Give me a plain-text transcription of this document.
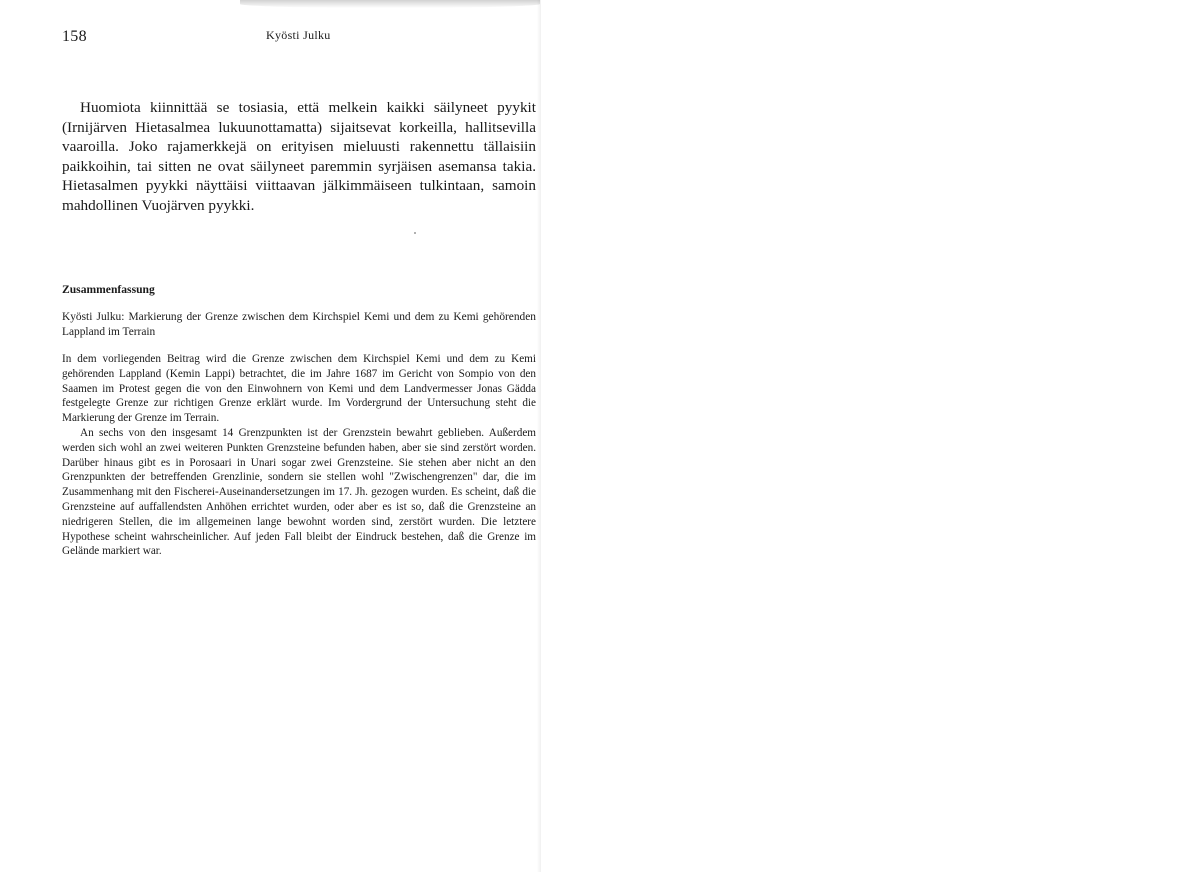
158	Kyösti Julku

Huomiota kiinnittää se tosiasia, että melkein kaikki säilyneet pyykit (Irnijärven Hietasalmea lukuunottamatta) sijaitsevat korkeilla, hallitsevilla vaaroilla. Joko rajamerkkejä on erityisen mieluusti rakennettu tällaisiin paikkoihin, tai sitten ne ovat säilyneet paremmin syrjäisen asemansa takia. Hietasalmen pyykki näyttäisi viittaavan jälkimmäiseen tulkintaan, samoin mahdollinen Vuojärven pyykki.

Zusammenfassung

Kyösti Julku: Markierung der Grenze zwischen dem Kirchspiel Kemi und dem zu Kemi gehörenden Lappland im Terrain

In dem vorliegenden Beitrag wird die Grenze zwischen dem Kirchspiel Kemi und dem zu Kemi gehörenden Lappland (Kemin Lappi) betrachtet, die im Jahre 1687 im Gericht von Sompio von den Saamen im Protest gegen die von den Einwohnern von Kemi und dem Landvermesser Jonas Gädda festgelegte Grenze zur richtigen Grenze erklärt wurde. Im Vordergrund der Untersuchung steht die Markierung der Grenze im Terrain.

An sechs von den insgesamt 14 Grenzpunkten ist der Grenzstein bewahrt geblieben. Außerdem werden sich wohl an zwei weiteren Punkten Grenzsteine befunden haben, aber sie sind zerstört worden. Darüber hinaus gibt es in Porosaari in Unari sogar zwei Grenzsteine. Sie stehen aber nicht an den Grenzpunkten der betreffenden Grenzlinie, sondern sie stellen wohl "Zwischengrenzen" dar, die im Zusammenhang mit den Fischerei-Auseinandersetzungen im 17. Jh. gezogen wurden. Es scheint, daß die Grenzsteine auf auffallendsten Anhöhen errichtet wurden, oder aber es ist so, daß die Grenzsteine an niedrigeren Stellen, die im allgemeinen lange bewohnt worden sind, zerstört wurden. Die letztere Hypothese scheint wahrscheinlicher. Auf jeden Fall bleibt der Eindruck bestehen, daß die Grenze im Gelände markiert war.
